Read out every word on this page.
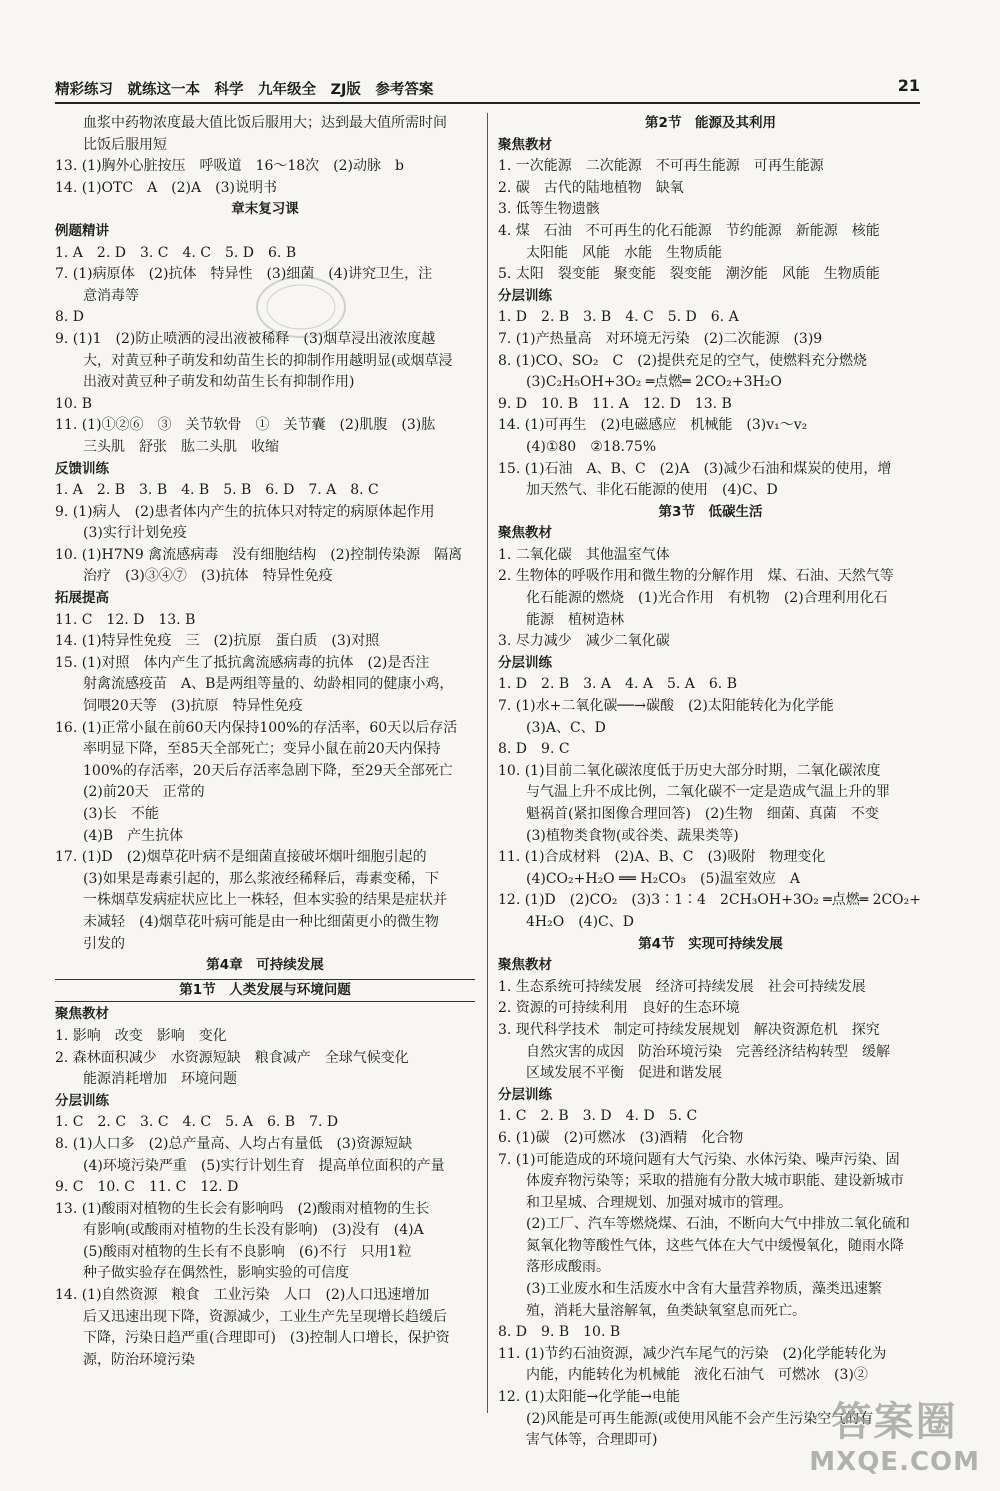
精彩练习　就练这一本　科学　九年级全　ZJ版　参考答案	21
血浆中药物浓度最大值比饭后服用大；达到最大值所需时间
比饭后服用短
13. (1)胸外心脏按压　呼吸道　16～18次　(2)动脉　b
14. (1)OTC　A　(2)A　(3)说明书
章末复习课
例题精讲
1. A　2. D　3. C　4. C　5. D　6. B
7. (1)病原体　(2)抗体　特异性　(3)细菌　(4)讲究卫生，注
意消毒等
8. D
9. (1)1　(2)防止喷洒的浸出液被稀释　(3)烟草浸出液浓度越
大，对黄豆种子萌发和幼苗生长的抑制作用越明显(或烟草浸
出液对黄豆种子萌发和幼苗生长有抑制作用)
10. B
11. (1)①②⑥　③　关节软骨　①　关节囊　(2)肌腹　(3)肱
三头肌　舒张　肱二头肌　收缩
反馈训练
1. A　2. B　3. B　4. B　5. B　6. D　7. A　8. C
9. (1)病人　(2)患者体内产生的抗体只对特定的病原体起作用
(3)实行计划免疫
10. (1)H7N9 禽流感病毒　没有细胞结构　(2)控制传染源　隔离
治疗　(3)③④⑦　(3)抗体　特异性免疫
拓展提高
11. C　12. D　13. B
14. (1)特异性免疫　三　(2)抗原　蛋白质　(3)对照
15. (1)对照　体内产生了抵抗禽流感病毒的抗体　(2)是否注
射禽流感疫苗　A、B是两组等量的、幼龄相同的健康小鸡，
饲喂20天等　(3)抗原　特异性免疫
16. (1)正常小鼠在前60天内保持100%的存活率，60天以后存活
率明显下降，至85天全部死亡；变异小鼠在前20天内保持
100%的存活率，20天后存活率急剧下降，至29天全部死亡
(2)前20天　正常的
(3)长　不能
(4)B　产生抗体
17. (1)D　(2)烟草花叶病不是细菌直接破坏烟叶细胞引起的
(3)如果是毒素引起的，那么浆液经稀释后，毒素变稀，下
一株烟草发病症状应比上一株轻，但本实验的结果是症状并
未减轻　(4)烟草花叶病可能是由一种比细菌更小的微生物
引发的
第4章　可持续发展
第1节　人类发展与环境问题
聚焦教材
1. 影响　改变　影响　变化
2. 森林面积减少　水资源短缺　粮食减产　全球气候变化
能源消耗增加　环境问题
分层训练
1. C　2. C　3. C　4. C　5. A　6. B　7. D
8. (1)人口多　(2)总产量高、人均占有量低　(3)资源短缺
(4)环境污染严重　(5)实行计划生育　提高单位面积的产量
9. C　10. C　11. C　12. D
13. (1)酸雨对植物的生长会有影响吗　(2)酸雨对植物的生长
有影响(或酸雨对植物的生长没有影响)　(3)没有　(4)A
(5)酸雨对植物的生长有不良影响　(6)不行　只用1粒
种子做实验存在偶然性，影响实验的可信度
14. (1)自然资源　粮食　工业污染　人口　(2)人口迅速增加
后又迅速出现下降，资源减少，工业生产先呈现增长趋缓后
下降，污染日趋严重(合理即可)　(3)控制人口增长，保护资
源，防治环境污染
第2节　能源及其利用
聚焦教材
1. 一次能源　二次能源　不可再生能源　可再生能源
2. 碳　古代的陆地植物　缺氧
3. 低等生物遗骸
4. 煤　石油　不可再生的化石能源　节约能源　新能源　核能
太阳能　风能　水能　生物质能
5. 太阳　裂变能　聚变能　裂变能　潮汐能　风能　生物质能
分层训练
1. D　2. B　3. B　4. C　5. D　6. A
7. (1)产热量高　对环境无污染　(2)二次能源　(3)9
8. (1)CO、SO₂　C　(2)提供充足的空气，使燃料充分燃烧
(3)C₂H₅OH+3O₂ ═点燃═ 2CO₂+3H₂O
9. D　10. B　11. A　12. D　13. B
14. (1)可再生　(2)电磁感应　机械能　(3)v₁～v₂
(4)①80　②18.75%
15. (1)石油　A、B、C　(2)A　(3)减少石油和煤炭的使用，增
加天然气、非化石能源的使用　(4)C、D
第3节　低碳生活
聚焦教材
1. 二氧化碳　其他温室气体
2. 生物体的呼吸作用和微生物的分解作用　煤、石油、天然气等
化石能源的燃烧　(1)光合作用　有机物　(2)合理利用化石
能源　植树造林
3. 尽力减少　减少二氧化碳
分层训练
1. D　2. B　3. A　4. A　5. A　6. B
7. (1)水+二氧化碳──→碳酸　(2)太阳能转化为化学能
(3)A、C、D
8. D　9. C
10. (1)目前二氧化碳浓度低于历史大部分时期，二氧化碳浓度
与气温上升不成比例，二氧化碳不一定是造成气温上升的罪
魁祸首(紧扣图像合理回答)　(2)生物　细菌、真菌　不变
(3)植物类食物(或谷类、蔬果类等)
11. (1)合成材料　(2)A、B、C　(3)吸附　物理变化
(4)CO₂+H₂O ══ H₂CO₃　(5)温室效应　A
12. (1)D　(2)CO₂　(3)3∶1∶4　2CH₃OH+3O₂ ═点燃═ 2CO₂+
4H₂O　(4)C、D
第4节　实现可持续发展
聚焦教材
1. 生态系统可持续发展　经济可持续发展　社会可持续发展
2. 资源的可持续利用　良好的生态环境
3. 现代科学技术　制定可持续发展规划　解决资源危机　探究
自然灾害的成因　防治环境污染　完善经济结构转型　缓解
区域发展不平衡　促进和谐发展
分层训练
1. C　2. B　3. D　4. D　5. C
6. (1)碳　(2)可燃冰　(3)酒精　化合物
7. (1)可能造成的环境问题有大气污染、水体污染、噪声污染、固
体废弃物污染等；采取的措施有分散大城市职能、建设新城市
和卫星城、合理规划、加强对城市的管理。
(2)工厂、汽车等燃烧煤、石油，不断向大气中排放二氧化硫和
氮氧化物等酸性气体，这些气体在大气中缓慢氧化，随雨水降
落形成酸雨。
(3)工业废水和生活废水中含有大量营养物质，藻类迅速繁
殖，消耗大量溶解氧，鱼类缺氧窒息而死亡。
8. D　9. B　10. B
11. (1)节约石油资源，减少汽车尾气的污染　(2)化学能转化为
内能，内能转化为机械能　液化石油气　可燃冰　(3)②
12. (1)太阳能→化学能→电能
(2)风能是可再生能源(或使用风能不会产生污染空气的有
害气体等，合理即可)	答案圈
MXQE.COM
